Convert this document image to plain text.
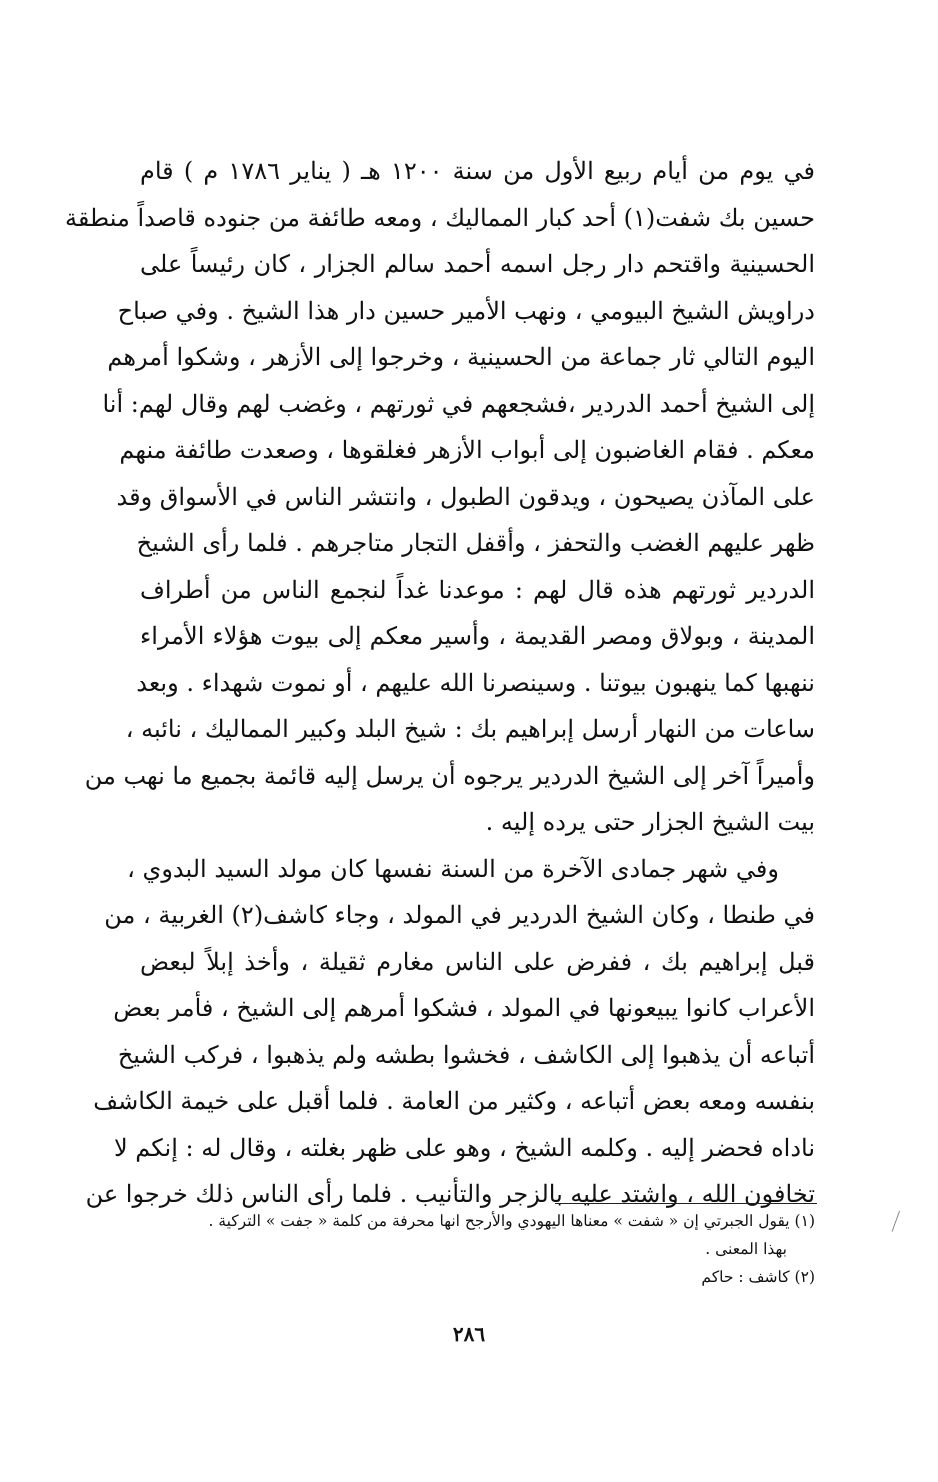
في يوم من أيام ربيع الأول من سنة ١٢٠٠ هـ ( يناير ١٧٨٦ م ) قام
حسين بك شفت(١) أحد كبار المماليك ، ومعه طائفة من جنوده قاصداً منطقة
الحسينية واقتحم دار رجل اسمه أحمد سالم الجزار ، كان رئيساً على
دراويش الشيخ البيومي ، ونهب الأمير حسين دار هذا الشيخ . وفي صباح
اليوم التالي ثار جماعة من الحسينية ، وخرجوا إلى الأزهر ، وشكوا أمرهم
إلى الشيخ أحمد الدردير ،فشجعهم في ثورتهم ، وغضب لهم وقال لهم: أنا
معكم . فقام الغاضبون إلى أبواب الأزهر فغلقوها ، وصعدت طائفة منهم
على المآذن يصيحون ، ويدقون الطبول ، وانتشر الناس في الأسواق وقد
ظهر عليهم الغضب والتحفز ، وأقفل التجار متاجرهم . فلما رأى الشيخ
الدردير ثورتهم هذه قال لهم : موعدنا غداً لنجمع الناس من أطراف
المدينة ، وبولاق ومصر القديمة ، وأسير معكم إلى بيوت هؤلاء الأمراء
ننهبها كما ينهبون بيوتنا . وسينصرنا الله عليهم ، أو نموت شهداء . وبعد
ساعات من النهار أرسل إبراهيم بك : شيخ البلد وكبير المماليك ، نائبه ،
وأميراً آخر إلى الشيخ الدردير يرجوه أن يرسل إليه قائمة بجميع ما نهب من
بيت الشيخ الجزار حتى يرده إليه .

وفي شهر جمادى الآخرة من السنة نفسها كان مولد السيد البدوي ،
في طنطا ، وكان الشيخ الدردير في المولد ، وجاء كاشف(٢) الغربية ، من
قبل إبراهيم بك ، ففرض على الناس مغارم ثقيلة ، وأخذ إبلاً لبعض
الأعراب كانوا يبيعونها في المولد ، فشكوا أمرهم إلى الشيخ ، فأمر بعض
أتباعه أن يذهبوا إلى الكاشف ، فخشوا بطشه ولم يذهبوا ، فركب الشيخ
بنفسه ومعه بعض أتباعه ، وكثير من العامة . فلما أقبل على خيمة الكاشف
ناداه فحضر إليه . وكلمه الشيخ ، وهو على ظهر بغلته ، وقال له : إنكم لا
تخافون الله ، واشتد عليه بالزجر والتأنيب . فلما رأى الناس ذلك خرجوا عن

(١) يقول الجبرتي إن « شفت » معناها اليهودي والأرجح انها محرفة من كلمة « جفت » التركية .
بهذا المعنى .
(٢) كاشف : حاكم
٢٨٦
